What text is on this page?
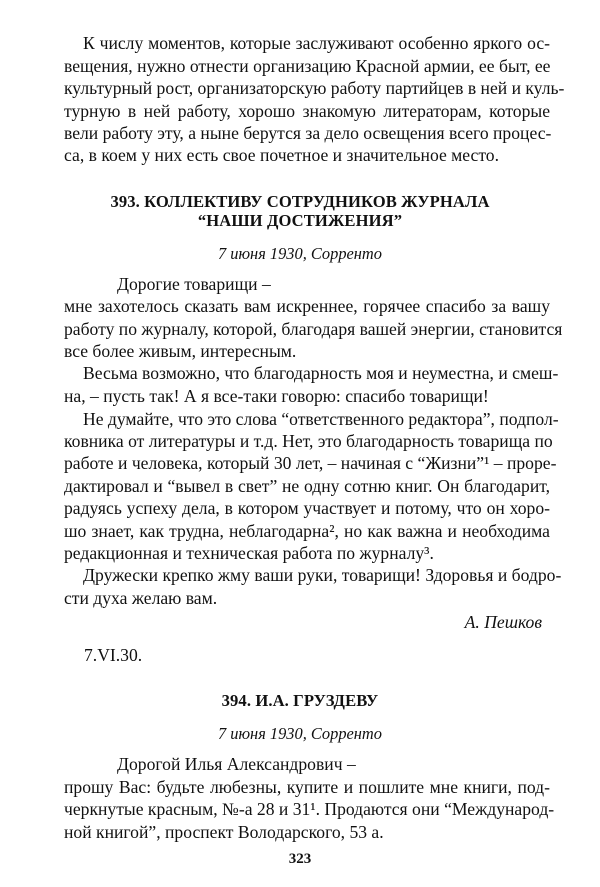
К числу моментов, которые заслуживают особенно яркого ос-
вещения, нужно отнести организацию Красной армии, ее быт, ее
культурный рост, организаторскую работу партийцев в ней и куль-
турную в ней работу, хорошо знакомую литераторам, которые
вели работу эту, а ныне берутся за дело освещения всего процес-
са, в коем у них есть свое почетное и значительное место.
393. КОЛЛЕКТИВУ СОТРУДНИКОВ ЖУРНАЛА
“НАШИ ДОСТИЖЕНИЯ”
7 июня 1930, Сорренто
Дорогие товарищи –
мне захотелось сказать вам искреннее, горячее спасибо за вашу
работу по журналу, которой, благодаря вашей энергии, становится
все более живым, интересным.
Весьма возможно, что благодарность моя и неуместна, и смеш-
на, – пусть так! А я все-таки говорю: спасибо товарищи!
Не думайте, что это слова “ответственного редактора”, подпол-
ковника от литературы и т.д. Нет, это благодарность товарища по
работе и человека, который 30 лет, – начиная с “Жизни”¹ – проре-
дактировал и “вывел в свет” не одну сотню книг. Он благодарит,
радуясь успеху дела, в котором участвует и потому, что он хоро-
шо знает, как трудна, неблагодарна², но как важна и необходима
редакционная и техническая работа по журналу³.
Дружески крепко жму ваши руки, товарищи! Здоровья и бодро-
сти духа желаю вам.
А. Пешков
7.VI.30.
394. И.А. ГРУЗДЕВУ
7 июня 1930, Сорренто
Дорогой Илья Александрович –
прошу Вас: будьте любезны, купите и пошлите мне книги, под-
черкнутые красным, №-а 28 и 31¹. Продаются они “Международ-
ной книгой”, проспект Володарского, 53 а.
323
